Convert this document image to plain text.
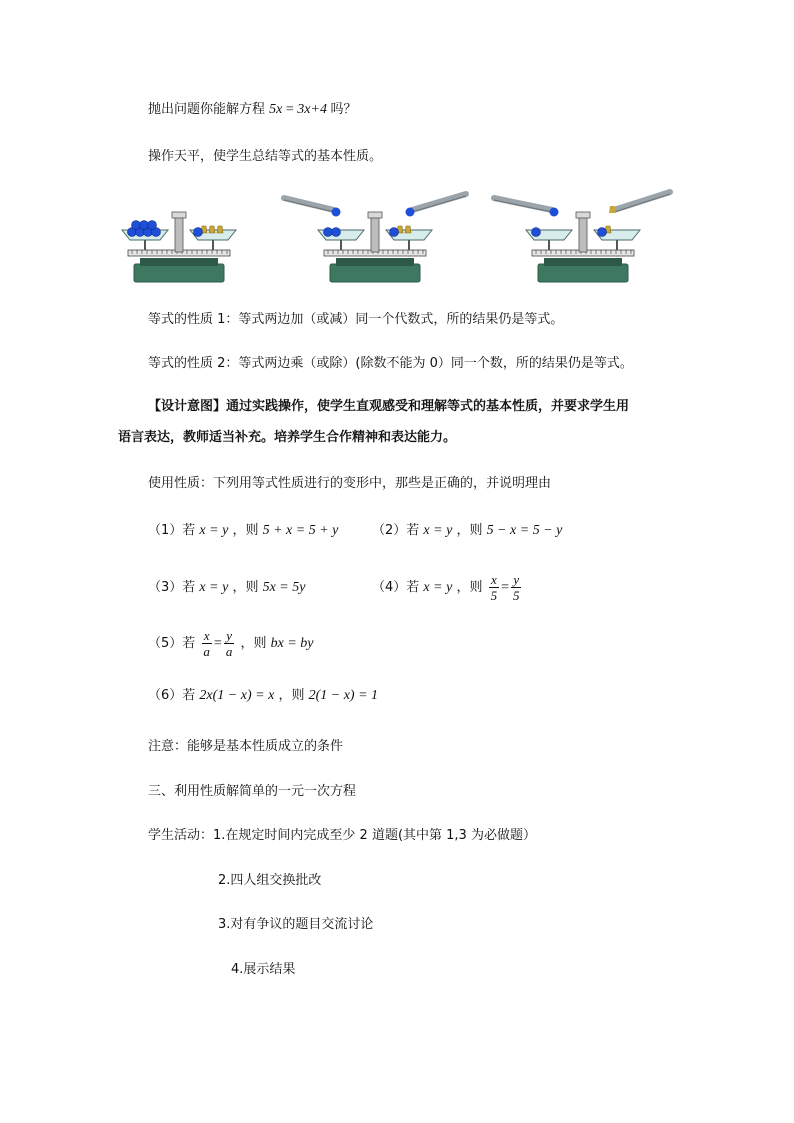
抛出问题你能解方程 5x = 3x+4 吗？
操作天平，使学生总结等式的基本性质。
等式的性质 1：等式两边加（或减）同一个代数式，所的结果仍是等式。
等式的性质 2：等式两边乘（或除）(除数不能为 0）同一个数，所的结果仍是等式。
【设计意图】通过实践操作，使学生直观感受和理解等式的基本性质，并要求学生用
语言表达，教师适当补充。培养学生合作精神和表达能力。
使用性质：下列用等式性质进行的变形中，那些是正确的，并说明理由
（1）若 x = y ，则 5 + x = 5 + y	（2）若 x = y ，则 5 − x = 5 − y
（3）若 x = y ，则 5x = 5y	（4）若 x = y ，则 $\frac{x}{5} = \frac{y}{5}$
（5）若 $\frac{x}{a} = \frac{y}{a}$ ，则 bx = by
（6）若 2x(1 − x) = x ，则 2(1 − x) = 1
注意：能够是基本性质成立的条件
三、利用性质解简单的一元一次方程
学生活动：1.在规定时间内完成至少 2 道题(其中第 1,3 为必做题）
2.四人组交换批改
3.对有争议的题目交流讨论
4.展示结果
